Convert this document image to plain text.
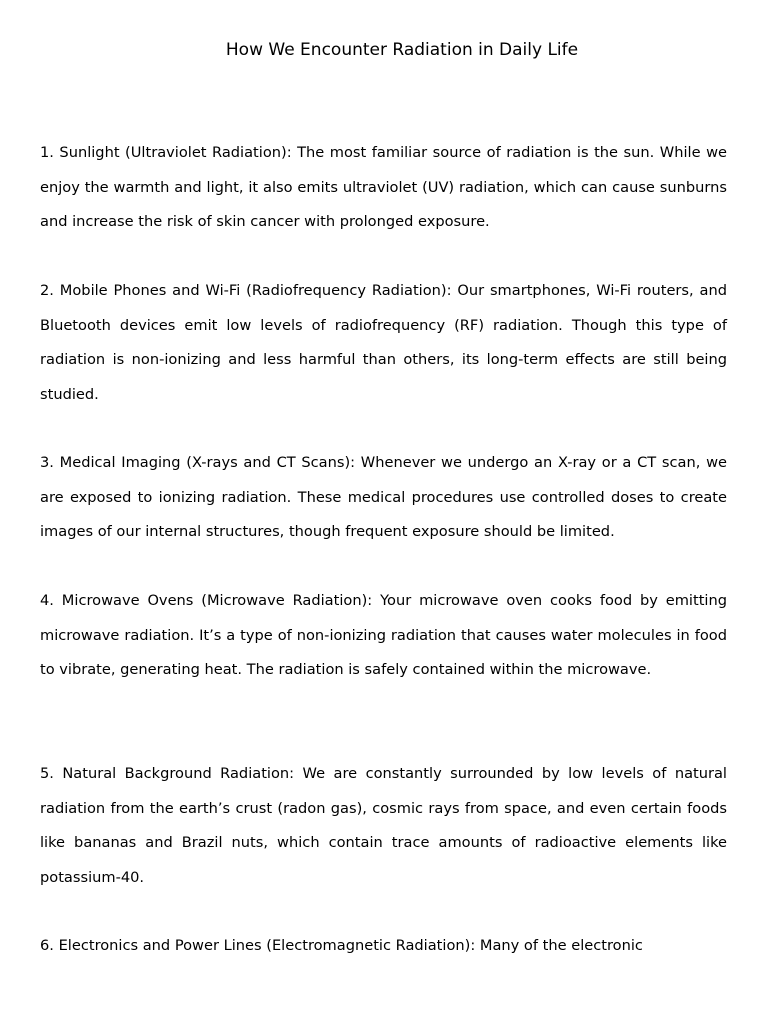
How We Encounter Radiation in Daily Life

1. Sunlight (Ultraviolet Radiation): The most familiar source of radiation is the sun. While we enjoy the warmth and light, it also emits ultraviolet (UV) radiation, which can cause sunburns and increase the risk of skin cancer with prolonged exposure.

2. Mobile Phones and Wi-Fi (Radiofrequency Radiation): Our smartphones, Wi-Fi routers, and Bluetooth devices emit low levels of radiofrequency (RF) radiation. Though this type of radiation is non-ionizing and less harmful than others, its long-term effects are still being studied.

3. Medical Imaging (X-rays and CT Scans): Whenever we undergo an X-ray or a CT scan, we are exposed to ionizing radiation. These medical procedures use controlled doses to create images of our internal structures, though frequent exposure should be limited.

4. Microwave Ovens (Microwave Radiation): Your microwave oven cooks food by emitting microwave radiation. It’s a type of non-ionizing radiation that causes water molecules in food to vibrate, generating heat. The radiation is safely contained within the microwave.

5. Natural Background Radiation: We are constantly surrounded by low levels of natural radiation from the earth’s crust (radon gas), cosmic rays from space, and even certain foods like bananas and Brazil nuts, which contain trace amounts of radioactive elements like potassium-40.

6. Electronics and Power Lines (Electromagnetic Radiation): Many of the electronic
